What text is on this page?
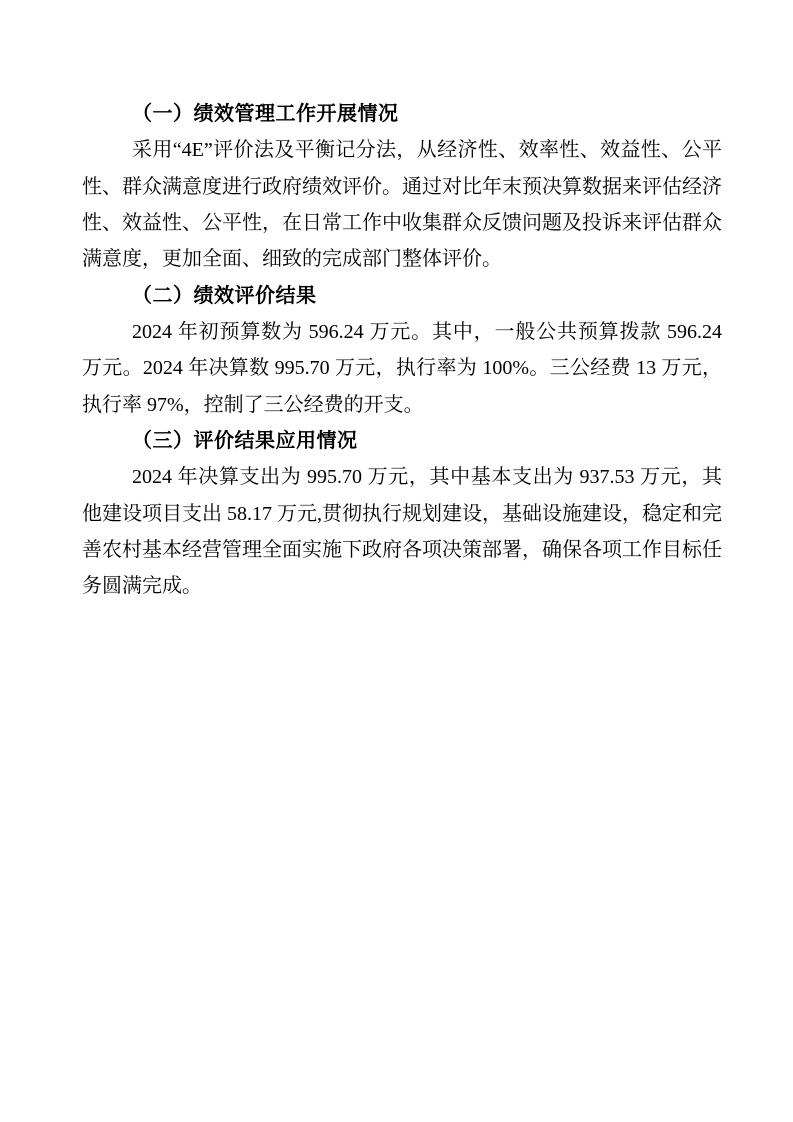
（一）绩效管理工作开展情况

采用“4E”评价法及平衡记分法，从经济性、效率性、效益性、公平性、群众满意度进行政府绩效评价。通过对比年末预决算数据来评估经济性、效益性、公平性，在日常工作中收集群众反馈问题及投诉来评估群众满意度，更加全面、细致的完成部门整体评价。

（二）绩效评价结果

2024 年初预算数为 596.24 万元。其中，一般公共预算拨款 596.24 万元。2024 年决算数 995.70 万元，执行率为 100%。三公经费 13 万元，执行率 97%，控制了三公经费的开支。

（三）评价结果应用情况

2024 年决算支出为 995.70 万元，其中基本支出为 937.53 万元，其他建设项目支出 58.17 万元,贯彻执行规划建设，基础设施建设，稳定和完善农村基本经营管理全面实施下政府各项决策部署，确保各项工作目标任务圆满完成。
